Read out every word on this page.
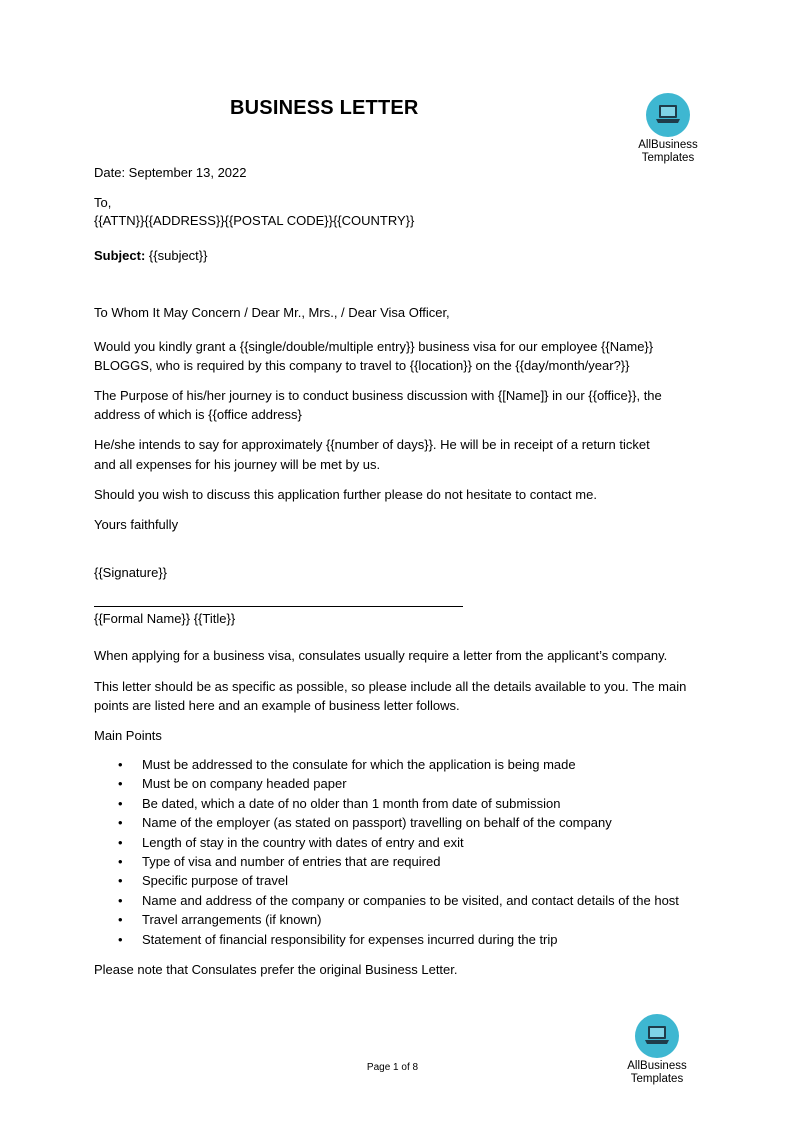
BUSINESS LETTER
AllBusiness
Templates
Date: September 13, 2022
To,
{{ATTN}}{{ADDRESS}}{{POSTAL CODE}}{{COUNTRY}}
Subject: {{subject}}
To Whom It May Concern / Dear Mr., Mrs., / Dear Visa Officer,
Would you kindly grant a {{single/double/multiple entry}} business visa for our employee {{Name}}
BLOGGS, who is required by this company to travel to {{location}} on the {{day/month/year?}}
The Purpose of his/her journey is to conduct business discussion with {[Name]} in our {{office}}, the
address of which is {{office address}
He/she intends to say for approximately {{number of days}}. He will be in receipt of a return ticket
and all expenses for his journey will be met by us.
Should you wish to discuss this application further please do not hesitate to contact me.
Yours faithfully
{{Signature}}
{{Formal Name}} {{Title}}
When applying for a business visa, consulates usually require a letter from the applicant’s company.
This letter should be as specific as possible, so please include all the details available to you. The main
points are listed here and an example of business letter follows.
Main Points
• Must be addressed to the consulate for which the application is being made
• Must be on company headed paper
• Be dated, which a date of no older than 1 month from date of submission
• Name of the employer (as stated on passport) travelling on behalf of the company
• Length of stay in the country with dates of entry and exit
• Type of visa and number of entries that are required
• Specific purpose of travel
• Name and address of the company or companies to be visited, and contact details of the host
• Travel arrangements (if known)
• Statement of financial responsibility for expenses incurred during the trip
Please note that Consulates prefer the original Business Letter.
Page 1 of 8	AllBusiness
Templates
